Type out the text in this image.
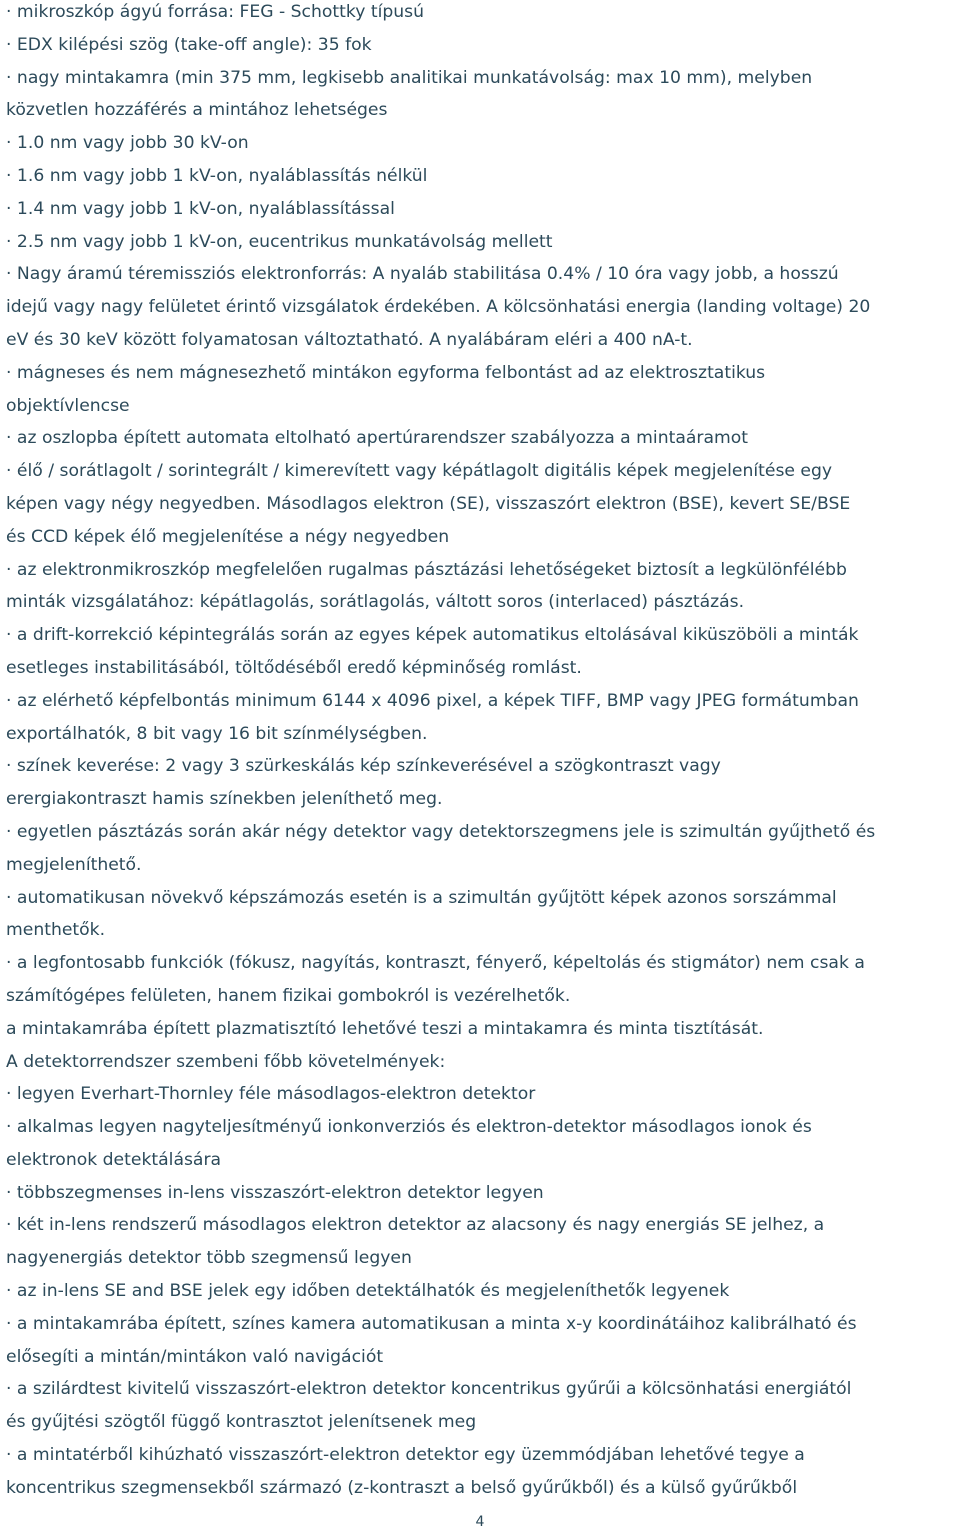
· mikroszkóp ágyú forrása: FEG - Schottky típusú
· EDX kilépési szög (take-off angle): 35 fok
· nagy mintakamra (min 375 mm, legkisebb analitikai munkatávolság: max 10 mm), melyben
közvetlen hozzáférés a mintához lehetséges
· 1.0 nm vagy jobb 30 kV-on
· 1.6 nm vagy jobb 1 kV-on, nyaláblassítás nélkül
· 1.4 nm vagy jobb 1 kV-on, nyaláblassítással
· 2.5 nm vagy jobb 1 kV-on, eucentrikus munkatávolság mellett
· Nagy áramú téremissziós elektronforrás: A nyaláb stabilitása 0.4% / 10 óra vagy jobb, a hosszú
idejű vagy nagy felületet érintő vizsgálatok érdekében. A kölcsönhatási energia (landing voltage) 20
eV és 30 keV között folyamatosan változtatható. A nyalábáram eléri a 400 nA-t.
· mágneses és nem mágnesezhető mintákon egyforma felbontást ad az elektrosztatikus
objektívlencse
· az oszlopba épített automata eltolható apertúrarendszer szabályozza a mintaáramot
· élő / sorátlagolt / sorintegrált / kimerevített vagy képátlagolt digitális képek megjelenítése egy
képen vagy négy negyedben. Másodlagos elektron (SE), visszaszórt elektron (BSE), kevert SE/BSE
és CCD képek élő megjelenítése a négy negyedben
· az elektronmikroszkóp megfelelően rugalmas pásztázási lehetőségeket biztosít a legkülönfélébb
minták vizsgálatához: képátlagolás, sorátlagolás, váltott soros (interlaced) pásztázás.
· a drift-korrekció képintegrálás során az egyes képek automatikus eltolásával kiküszöböli a minták
esetleges instabilitásából, töltődéséből eredő képminőség romlást.
· az elérhető képfelbontás minimum 6144 x 4096 pixel, a képek TIFF, BMP vagy JPEG formátumban
exportálhatók, 8 bit vagy 16 bit színmélységben.
· színek keverése: 2 vagy 3 szürkeskálás kép színkeverésével a szögkontraszt vagy
erergiakontraszt hamis színekben jeleníthető meg.
· egyetlen pásztázás során akár négy detektor vagy detektorszegmens jele is szimultán gyűjthető és
megjeleníthető.
· automatikusan növekvő képszámozás esetén is a szimultán gyűjtött képek azonos sorszámmal
menthetők.
· a legfontosabb funkciók (fókusz, nagyítás, kontraszt, fényerő, képeltolás és stigmátor) nem csak a
számítógépes felületen, hanem fizikai gombokról is vezérelhetők.
a mintakamrába épített plazmatisztító lehetővé teszi a mintakamra és minta tisztítását.
A detektorrendszer szembeni főbb követelmények:
· legyen Everhart-Thornley féle másodlagos-elektron detektor
· alkalmas legyen nagyteljesítményű ionkonverziós és elektron-detektor másodlagos ionok és
elektronok detektálására
· többszegmenses in-lens visszaszórt-elektron detektor legyen
· két in-lens rendszerű másodlagos elektron detektor az alacsony és nagy energiás SE jelhez, a
nagyenergiás detektor több szegmensű legyen
· az in-lens SE and BSE jelek egy időben detektálhatók és megjeleníthetők legyenek
· a mintakamrába épített, színes kamera automatikusan a minta x-y koordinátáihoz kalibrálható és
elősegíti a mintán/mintákon való navigációt
· a szilárdtest kivitelű visszaszórt-elektron detektor koncentrikus gyűrűi a kölcsönhatási energiától
és gyűjtési szögtől függő kontrasztot jelenítsenek meg
· a mintatérből kihúzható visszaszórt-elektron detektor egy üzemmódjában lehetővé tegye a
koncentrikus szegmensekből származó (z-kontraszt a belső gyűrűkből) és a külső gyűrűkből
4
